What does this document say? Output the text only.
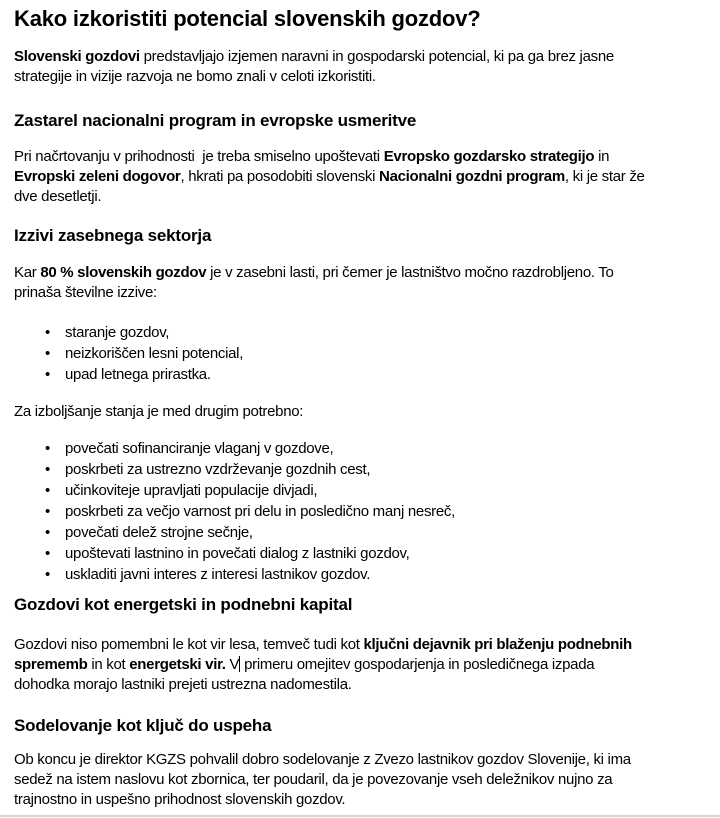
Kako izkoristiti potencial slovenskih gozdov?

Slovenski gozdovi predstavljajo izjemen naravni in gospodarski potencial, ki pa ga brez jasne
strategije in vizije razvoja ne bomo znali v celoti izkoristiti.

Zastarel nacionalni program in evropske usmeritve

Pri načrtovanju v prihodnosti  je treba smiselno upoštevati Evropsko gozdarsko strategijo in
Evropski zeleni dogovor, hkrati pa posodobiti slovenski Nacionalni gozdni program, ki je star že
dve desetletji.

Izzivi zasebnega sektorja

Kar 80 % slovenskih gozdov je v zasebni lasti, pri čemer je lastništvo močno razdrobljeno. To
prinaša številne izzive:

• staranje gozdov,
• neizkoriščen lesni potencial,
• upad letnega prirastka.

Za izboljšanje stanja je med drugim potrebno:

• povečati sofinanciranje vlaganj v gozdove,
• poskrbeti za ustrezno vzdrževanje gozdnih cest,
• učinkoviteje upravljati populacije divjadi,
• poskrbeti za večjo varnost pri delu in posledično manj nesreč,
• povečati delež strojne sečnje,
• upoštevati lastnino in povečati dialog z lastniki gozdov,
• uskladiti javni interes z interesi lastnikov gozdov.
Gozdovi kot energetski in podnebni kapital

Gozdovi niso pomembni le kot vir lesa, temveč tudi kot ključni dejavnik pri blaženju podnebnih
sprememb in kot energetski vir. V primeru omejitev gospodarjenja in posledičnega izpada
dohodka morajo lastniki prejeti ustrezna nadomestila.

Sodelovanje kot ključ do uspeha

Ob koncu je direktor KGZS pohvalil dobro sodelovanje z Zvezo lastnikov gozdov Slovenije, ki ima
sedež na istem naslovu kot zbornica, ter poudaril, da je povezovanje vseh deležnikov nujno za
trajnostno in uspešno prihodnost slovenskih gozdov.
